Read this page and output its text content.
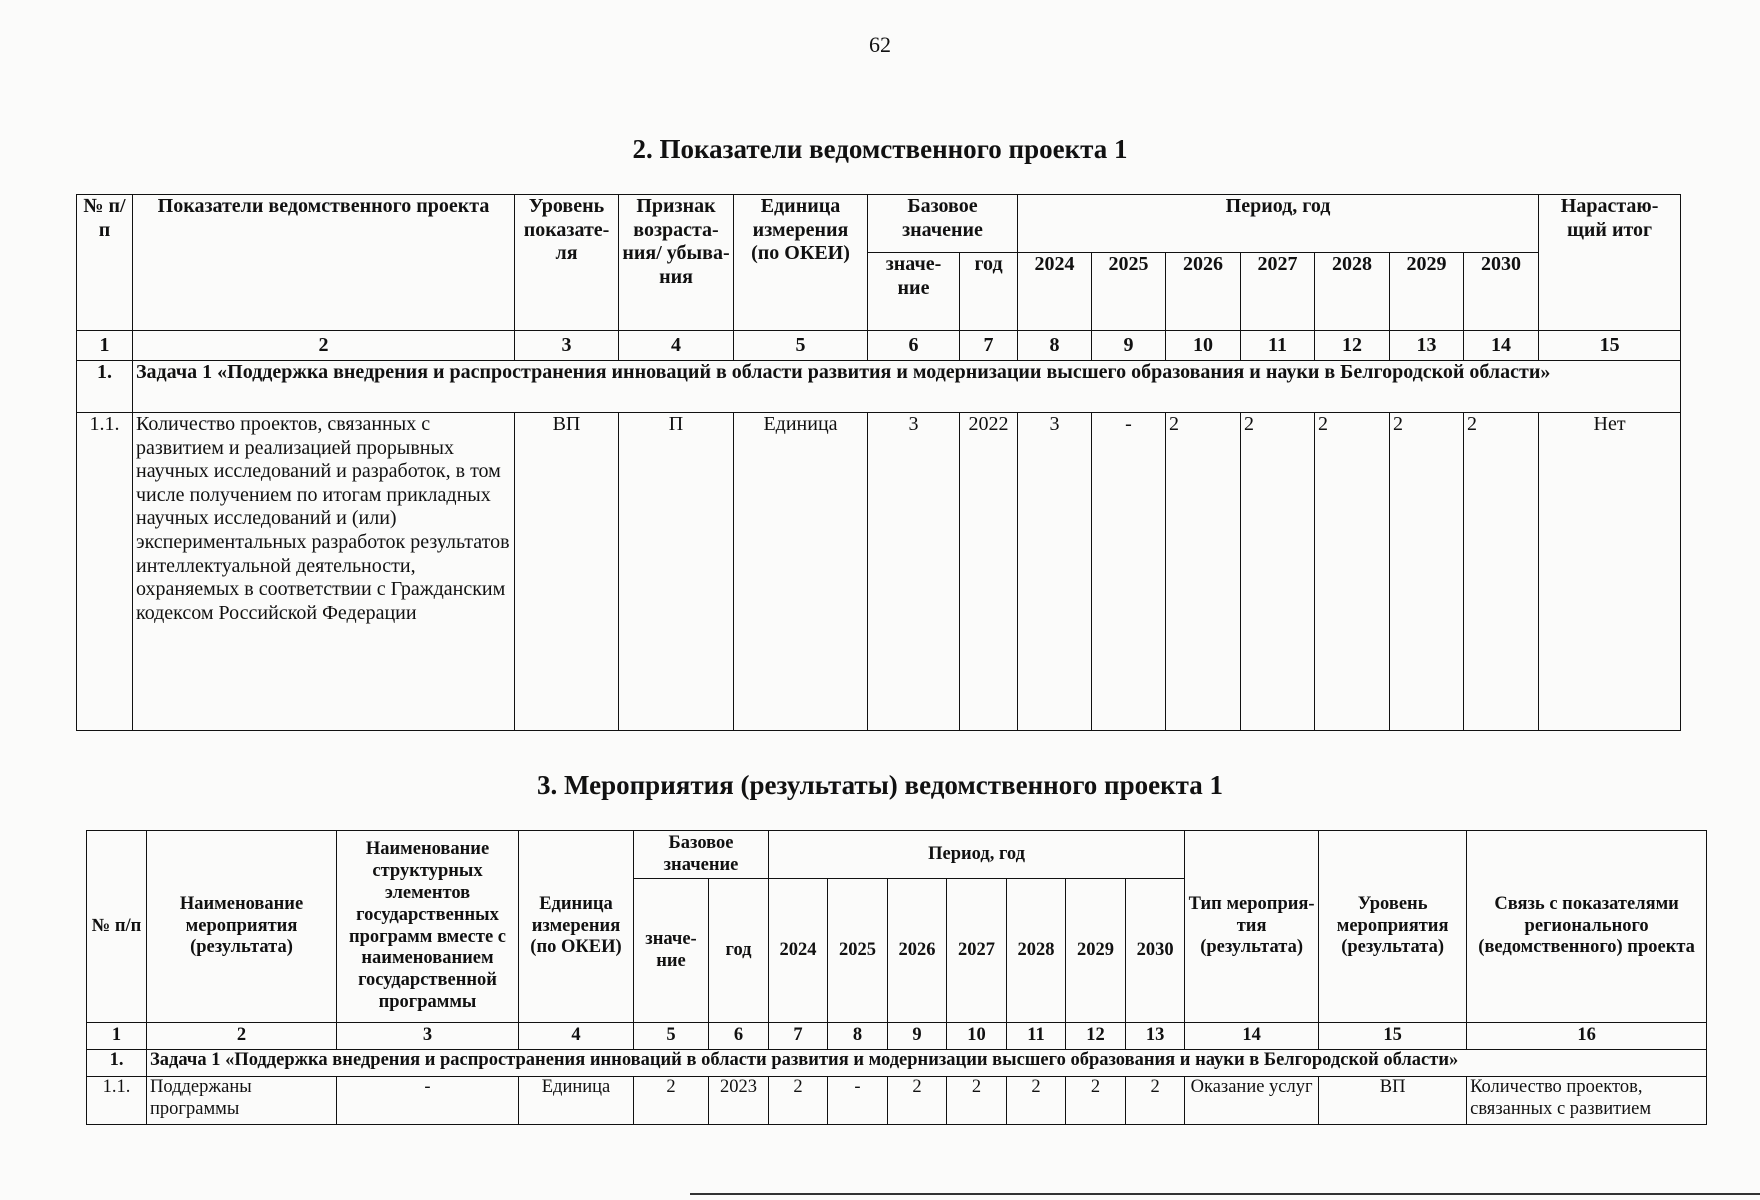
62
2. Показатели ведомственного проекта 1
№ п/п	Показатели ведомственного проекта	Уровень показате-ля	Признак возраста-ния/ убыва-ния	Единица измерения (по ОКЕИ)	Базовое значение		Период, год							Нарастаю-щий итог
					значе-ние	год	2024	2025	2026	2027	2028	2029	2030	
1	2	3	4	5	6	7	8	9	10	11	12	13	14	15
1.	Задача 1 «Поддержка внедрения и распространения инноваций в области развития и модернизации высшего образования и науки в Белгородской области»													
1.1.	Количество проектов, связанных с развитием и реализацией прорывных научных исследований и разработок, в том числе получением по итогам прикладных научных исследований и (или) экспериментальных разработок результатов интеллектуальной деятельности, охраняемых в соответствии с Гражданским кодексом Российской Федерации	ВП	П	Единица	3	2022	3	-	2	2	2	2	2	Нет
3. Мероприятия (результаты) ведомственного проекта 1
№ п/п	Наименование мероприятия (результата)	Наименование структурных элементов государственных программ вместе с наименованием государственной программы	Единица измерения (по ОКЕИ)	Базовое значение		Период, год							Тип мероприя-тия (результата)	Уровень мероприятия (результата)	Связь с показателями регионального (ведомственного) проекта
				значе-ние	год	2024	2025	2026	2027	2028	2029	2030			
1	2	3	4	5	6	7	8	9	10	11	12	13	14	15	16
1.	Задача 1 «Поддержка внедрения и распространения инноваций в области развития и модернизации высшего образования и науки в Белгородской области»														
1.1.	Поддержаны программы	-	Единица	2	2023	2	-	2	2	2	2	2	Оказание услуг	ВП	Количество проектов, связанных с развитием
